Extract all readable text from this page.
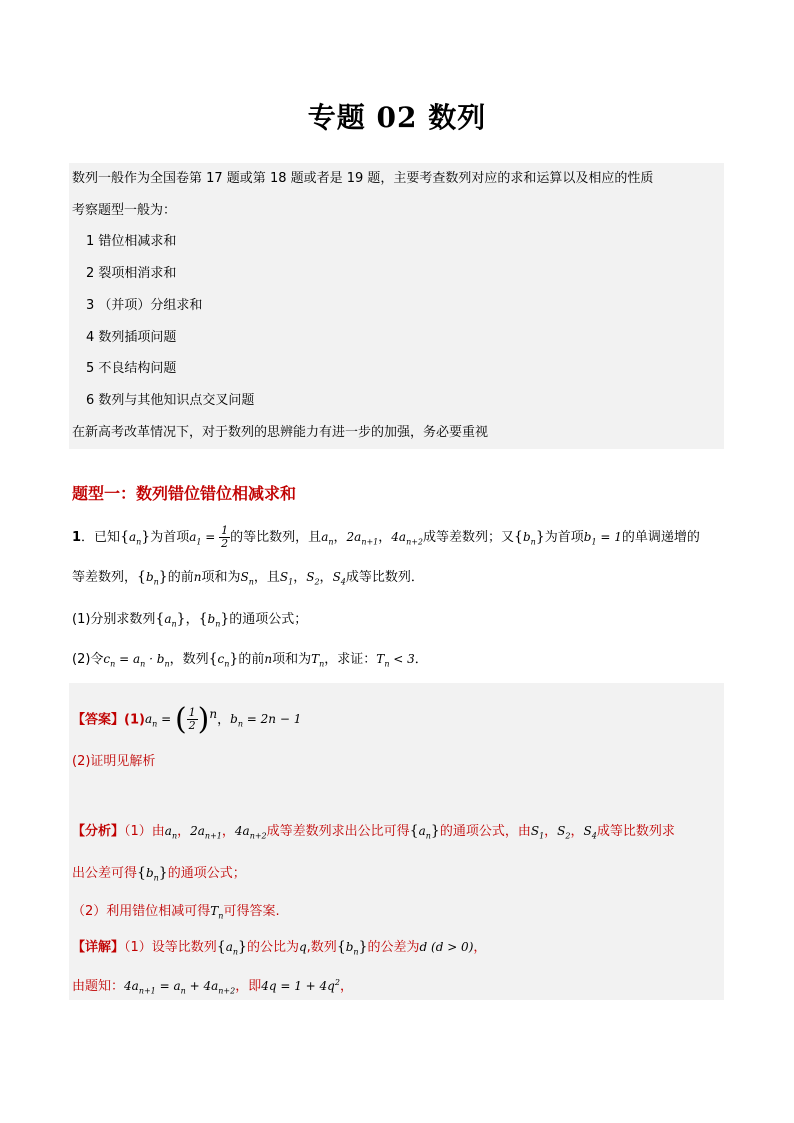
专题 02 数列
数列一般作为全国卷第 17 题或第 18 题或者是 19 题，主要考查数列对应的求和运算以及相应的性质
考察题型一般为：
1 错位相减求和
2 裂项相消求和
3 （并项）分组求和
4 数列插项问题
5 不良结构问题
6 数列与其他知识点交叉问题
在新高考改革情况下，对于数列的思辨能力有进一步的加强，务必要重视
题型一：数列错位错位相减求和
1．已知$\{a_n\}$为首项$a_1 = \frac{1}{2}$ 的等比数列，且$a_n$，$2a_{n+1}$，$4a_{n+2}$成等差数列；又$\{b_n\}$为首项$b_1 = 1$的单调递增的
等差数列，$\{b_n\}$的前n项和为$S_n$，且$S_1$，$S_2$，$S_4$成等比数列．
(1)分别求数列$\{a_n\}$，$\{b_n\}$的通项公式；
(2)令$c_n = a_n \cdot b_n$，数列$\{c_n\}$的前n项和为$T_n$，求证：$T_n < 3$．
【答案】$(1)a_n$ = ( $\frac{1}{2} )^n$，$b_n = 2n - 1$
(2)证明见解析
【分析】（1）由$a_n$，$2a_{n+1}$，$4a_{n+2}$成等差数列求出公比可得$\{a_n\}$的通项公式，由$S_1$，$S_2$，$S_4$成等比数列求
出公差可得$\{b_n\}$的通项公式；
（2）利用错位相减可得$T_n$可得答案.
【详解】（1）设等比数列$\{a_n\}$的公比为q,数列$\{b_n\}$的公差为d (d > 0)，
由题知：$4a_{n+1} = a_n + 4a_{n+2}$，即$4q = 1 + 4q^2$，
